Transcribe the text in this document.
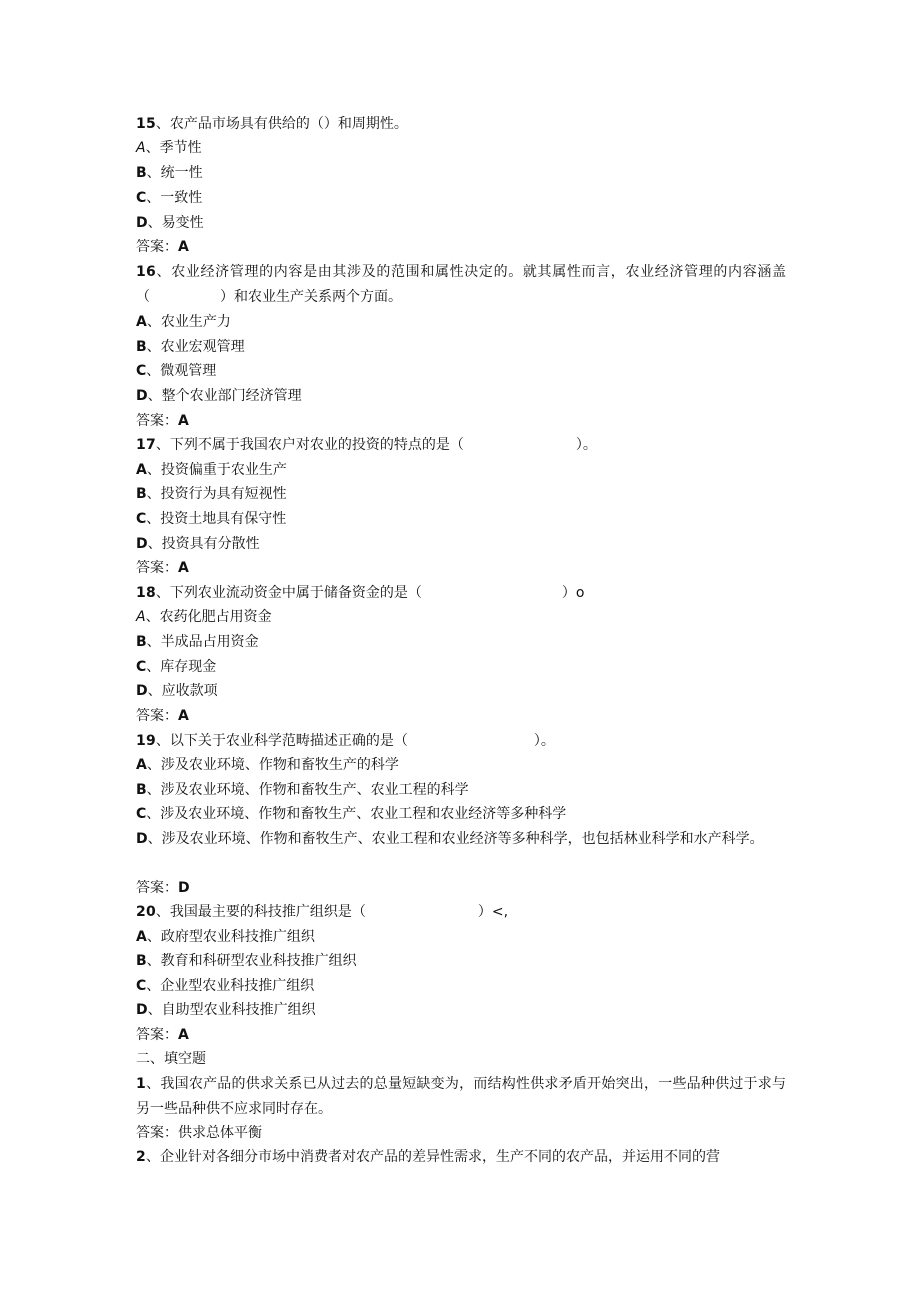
15、农产品市场具有供给的（）和周期性。
A、季节性
B、统一性
C、一致性
D、易变性
答案：A
16、农业经济管理的内容是由其涉及的范围和属性决定的。就其属性而言，农业经济管理的内容涵盖（　　　　　）和农业生产关系两个方面。
A、农业生产力
B、农业宏观管理
C、微观管理
D、整个农业部门经济管理
答案：A
17、下列不属于我国农户对农业的投资的特点的是（　　　　　　　　）。
A、投资偏重于农业生产
B、投资行为具有短视性
C、投资土地具有保守性
D、投资具有分散性
答案：A
18、下列农业流动资金中属于储备资金的是（　　　　　　　　　　）o
A、农药化肥占用资金
B、半成品占用资金
C、库存现金
D、应收款项
答案：A
19、以下关于农业科学范畴描述正确的是（　　　　　　　　　）。
A、涉及农业环境、作物和畜牧生产的科学
B、涉及农业环境、作物和畜牧生产、农业工程的科学
C、涉及农业环境、作物和畜牧生产、农业工程和农业经济等多种科学
D、涉及农业环境、作物和畜牧生产、农业工程和农业经济等多种科学，也包括林业科学和水产科学。
答案：D
20、我国最主要的科技推广组织是（　　　　　　　　）<,
A、政府型农业科技推广组织
B、教育和科研型农业科技推广组织
C、企业型农业科技推广组织
D、自助型农业科技推广组织
答案：A
二、填空题
1、我国农产品的供求关系已从过去的总量短缺变为，而结构性供求矛盾开始突出，一些品种供过于求与另一些品种供不应求同时存在。
答案：供求总体平衡
2、企业针对各细分市场中消费者对农产品的差异性需求，生产不同的农产品，并运用不同的营
